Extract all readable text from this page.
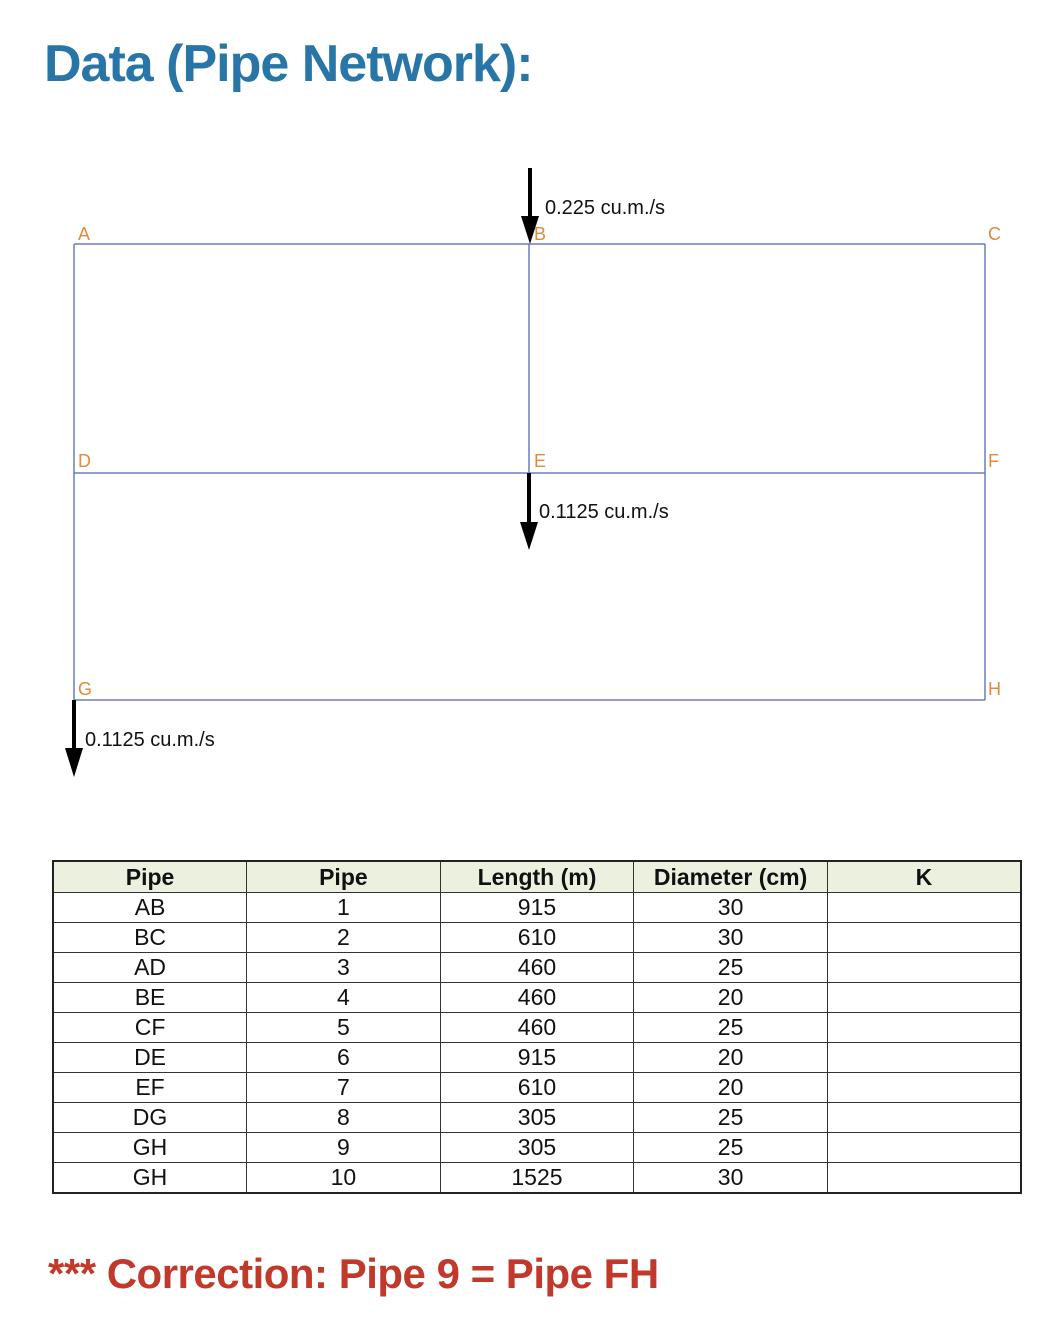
Data (Pipe Network):
A	B	C
D	E	F
G	H
0.225 cu.m./s
0.1125 cu.m./s
0.1125 cu.m./s
Pipe	Pipe	Length (m)	Diameter (cm)	K
AB	1	915	30	
BC	2	610	30	
AD	3	460	25	
BE	4	460	20	
CF	5	460	25	
DE	6	915	20	
EF	7	610	20	
DG	8	305	25	
GH	9	305	25	
GH	10	1525	30	

*** Correction: Pipe 9 = Pipe FH
